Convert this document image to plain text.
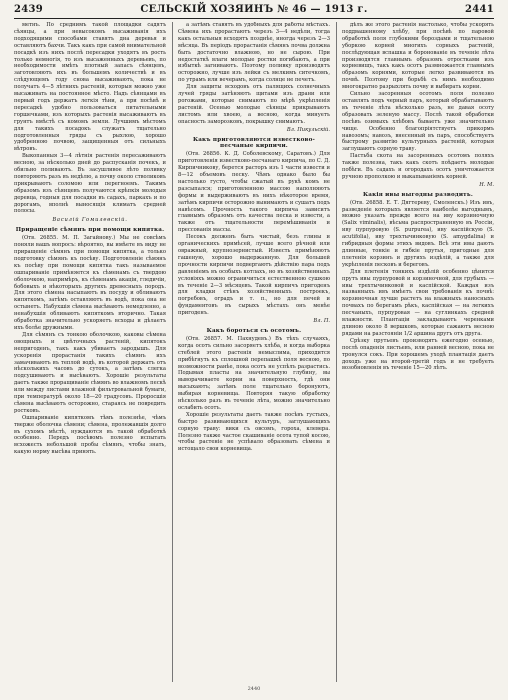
2439	СЕЛЬСКІЙ ХОЗЯИНЪ № 46 — 1913 г.	2441

метнъ. По среднимъ такой площадки садятъ сѣянцы, а при невысокомъ высаживанія ихъ подходящими способами ставятъ дна деревья и оставляютъ бахчи. Такъ какъ при самой внимательной посадкѣ изъ нихъ послѣ пересадки уходятъ въ рость только немногія, то изъ высаженныхъ деревьевъ, по необходимости имѣть плотный запасъ сѣянцевъ, заготовляютъ ихъ въ большемъ количествѣ и въ слѣдующемъ году снова высаживаютъ, пока не получатъ 4—5 лѣтнихъ растеній, которыя можно уже высаживать на постоянное мѣсто. Надъ сѣянцами въ первый годъ держатъ легкія тѣни, а при посѣвѣ и пересадкѣ удобно пользоваться питательными горшечками, изъ которыхъ растенія высаживаютъ въ грунтъ вмѣстѣ съ комомъ земли. Лучшимъ мѣстомъ для такихъ посадокъ служатъ тщательно подготовленныя гряды съ рыхлою, хорошо удобренною почвою, защищенныя отъ сильныхъ вѣтровъ.

Выкопанныя 3—4 лѣтнія растенія пересаживаютъ весною, за нѣсколько дней до распусканія почекъ, и обильно поливаютъ. Въ засушливое лѣто поливку повторяютъ разъ въ недѣлю, а почву около стволиковъ прикрываютъ соломою или перегноемъ. Такимъ образомъ изъ сѣянцевъ получаются крѣпкія молодыя деревца, годныя для посадки въ садахъ, паркахъ и по дорогамъ, вполнѣ выносящія климатъ средней полосы.

Василій Гомилевскій.

Приращеніе сѣмянъ при помощи кипятка.

(Отв. 26855. М. П. Загайнову.) Мы не совсѣмъ поняли вашъ вопросъ: вѣроятно, вы имѣете въ виду не приращеніе сѣмянъ при помощи кипятка, а только подготовку сѣмянъ къ посѣву. Подготовленіе сѣмянъ къ посѣву при помощи кипятка такъ называемое ошпариваніе примѣняется къ сѣменамъ съ твердою оболочкою, напримѣръ, къ сѣменамъ акаціи, гледичіи, бобовыхъ и нѣкоторыхъ другихъ древесныхъ породъ. Для этого сѣмена насыпаютъ въ посуду и обливаютъ кипяткомъ, затѣмъ оставляютъ въ водѣ, пока она не остынетъ. Набухшія сѣмена высѣваютъ немедленно, а ненабухшія обливаютъ кипяткомъ вторично. Такая обработка значительно ускоряетъ всходы и дѣлаетъ ихъ болѣе дружными.

Для сѣмянъ съ тонкою оболочкою, каковы сѣмена овощныхъ и цвѣточныхъ растеній, кипятокъ непригоденъ, такъ какъ убиваетъ зародышъ. Для ускоренія прорастанія такихъ сѣмянъ ихъ замачиваютъ въ теплой водѣ, въ которой держатъ отъ нѣсколькихъ часовъ до сутокъ, а затѣмъ слегка подсушиваютъ и высѣваютъ. Хорошіе результаты даетъ также проращиваніе сѣмянъ во влажномъ пескѣ или между листами влажной фильтровальной бумаги, при температурѣ около 18—20 градусовъ. Проросшія сѣмена высѣваютъ осторожно, стараясь не повредить ростковъ.

Ошпариваніе кипяткомъ тѣмъ полезнѣе, чѣмъ тверже оболочка сѣмени; сѣмена, пролежавшія долго въ сухомъ мѣстѣ, нуждаются въ такой обработкѣ особенно. Передъ посѣвомъ полезно испытать всхожесть небольшой пробы сѣмянъ, чтобы знать, какую норму высѣва принять.

а затѣмъ ставятъ въ удобныхъ для работы мѣстахъ. Сѣмена ихъ прорастаютъ черезъ 3—4 недѣли, тогда какъ остальныя всходятъ позднѣе, иногда черезъ 2—3 мѣсяца. Въ періодъ прорастанія сѣмянъ почва должна быть достаточно влажною, но не сырою. При недостаткѣ влаги молодые ростки погибаютъ, а при избыткѣ загниваютъ. Поэтому поливку производятъ осторожно, лучше изъ лейки съ мелкимъ ситечкомъ, по утрамъ или вечерамъ, когда солнце не печетъ.

Для защиты всходовъ отъ палящихъ солнечныхъ лучей гряды затѣняютъ щитами изъ драни или рогожами, которые снимаютъ по мѣрѣ укрѣпленія растеній. Осенью молодые сѣянцы прикрываютъ листомъ или хвоею, а весною, когда минуетъ опасность заморозковъ, покрышку снимаютъ.

Вл. Пикульскій.

Какъ приготовляются известково-песчаные кирпичи.

(Отв. 26856. К. Д. Соболевскому, Саратовъ.) Для приготовленія известково-песчанаго кирпича, по С. Д. Кирпичникову, берется расторъ изъ 1 части извести и 8—12 объемовъ песку. Чѣмъ однако было бы настолько густо, чтобы сжатый въ рукѣ комъ не разсыпался; приготовленною массою наполняютъ формы и выдерживаютъ въ нихъ нѣкоторое время, затѣмъ кирпичи осторожно вынимаютъ и сушатъ подъ навѣсомъ. Прочность такого кирпича зависитъ главнымъ образомъ отъ качества песка и извести, а также отъ тщательности перемѣшиванія и прессованія массы.

Песокъ долженъ быть чистый, безъ глины и органическихъ примѣсей, лучше всего рѣчной или овражный, крупнозернистый. Известь примѣняютъ гашеную, хорошо выдержанную. Для большей прочности кирпичи подвергаютъ дѣйствію пара подъ давленіемъ въ особыхъ котлахъ, но въ хозяйственныхъ условіяхъ можно ограничиться естественною сушкою въ теченіе 2—3 мѣсяцевъ. Такой кирпичъ пригоденъ для кладки стѣнъ хозяйственныхъ построекъ, погребовъ, оградъ и т. п., но для печей и фундаментовъ въ сырыхъ мѣстахъ онъ менѣе пригоденъ.

Вл. П.

Какъ бороться съ осотомъ.

(Отв. 26857. М. Пахнудевъ.) Въ тѣхъ случаяхъ, когда осотъ сильно засоряетъ хлѣба, и когда выборка стеблей этого растенія немыслима, приходится прибѣгнуть къ сплошной перепашкѣ поля весною, по возможности ранѣе, пока осотъ не успѣлъ разрастись. Подымая пласты на значительную глубину, вы выворачиваете корни на поверхность, гдѣ они высыхаютъ; затѣмъ поле тщательно боронуютъ, выбирая корневища. Повторяя такую обработку нѣсколько разъ въ теченіе лѣта, можно значительно ослабить осотъ.

Хорошіе результаты даетъ также посѣвъ густыхъ, быстро развивающихся культуръ, заглушающихъ сорную траву: вики съ овсомъ, гороха, клевера. Полезно также частое скашиваніе осота тупой косою, чтобы растеніе не успѣвало образовать сѣмена и истощало свои корневища.

дѣлъ же этого растенія настолько, чтобы ускорять поддвашенному хлѣбу, при посѣвѣ по паровой обработкѣ поля глубокими бороздами и тщательною уборкою корней многихъ сорныхъ растеній, послѣдующая вспашка и боронованіе въ теченіе лѣта производятся главнымъ образомъ отростками изъ корневищъ, такъ какъ осотъ размножается главнымъ образомъ корнями, которые легко развиваются въ почвѣ. Поэтому при борьбѣ съ нимъ необходимо многократно разрыхлять почву и выбирать корни.

Сильно засоренныя осотомъ поля полезно оставлять подъ черный паръ, который обрабатываютъ въ теченіе лѣта нѣсколько разъ, не давая осоту образовать зеленую массу. Послѣ такой обработки посѣвъ озимыхъ хлѣбовъ бываетъ уже значительно чище. Особенно благопріятствуетъ прикормъ навозомъ; навозъ, внесенный въ паръ, способствуетъ быстрому развитію культурныхъ растеній, которыя заглушаютъ сорную траву.

Пастьба скота на засоренныхъ осотомъ поляхъ также полезна, такъ какъ скотъ поѣдаетъ молодые побѣги. Въ садахъ и огородахъ осотъ уничтожается ручною прополкою и выкапываніемъ корней.

Н. М.

Какія ивы выгодны разводить.

(Отв. 26858. Е. Т. Дягтереву, Смоленскъ.) Изъ ивъ, разведеніе которыхъ является наиболѣе выгоднымъ, можно указать прежде всего на иву корзиночную (Salix viminalis), вѣсьма распространенную въ Россіи, иву пурпуровую (S. purpurea), иву каспійскую (S. acutifolia), иву трехтычинковую (S. amygdalina) и гибридныя формы этихъ видовъ. Всѣ эти ивы даютъ длинные, тонкіе и гибкіе прутья, пригодные для плетенія корзинъ и другихъ издѣлій, а также для укрѣпленія песковъ и береговъ.

Для плетенія тонкихъ издѣлій особенно цѣнится прутъ ивы пурпуровой и корзиночной, для грубыхъ — ивы трехтычинковой и каспійской. Каждая изъ названныхъ ивъ имѣетъ свои требованія къ почвѣ: корзиночная лучше растетъ на влажныхъ наносныхъ почвахъ по берегамъ рѣкъ, каспійская — на легкихъ песчаныхъ, пурпуровая — на суглинкахъ средней влажности. Плантаціи закладываютъ черенками длиною около 8 вершковъ, которые сажаютъ весною рядами на разстояніи 1/2 аршина другъ отъ друга.

Срѣзку прутьевъ производятъ ежегодно осенью, послѣ опаденія листьевъ, или ранней весною, пока не тронулся сокъ. При хорошемъ уходѣ плантація даетъ доходъ уже на второй-третій годъ и не требуетъ возобновленія въ теченіе 15—20 лѣтъ.

2440
